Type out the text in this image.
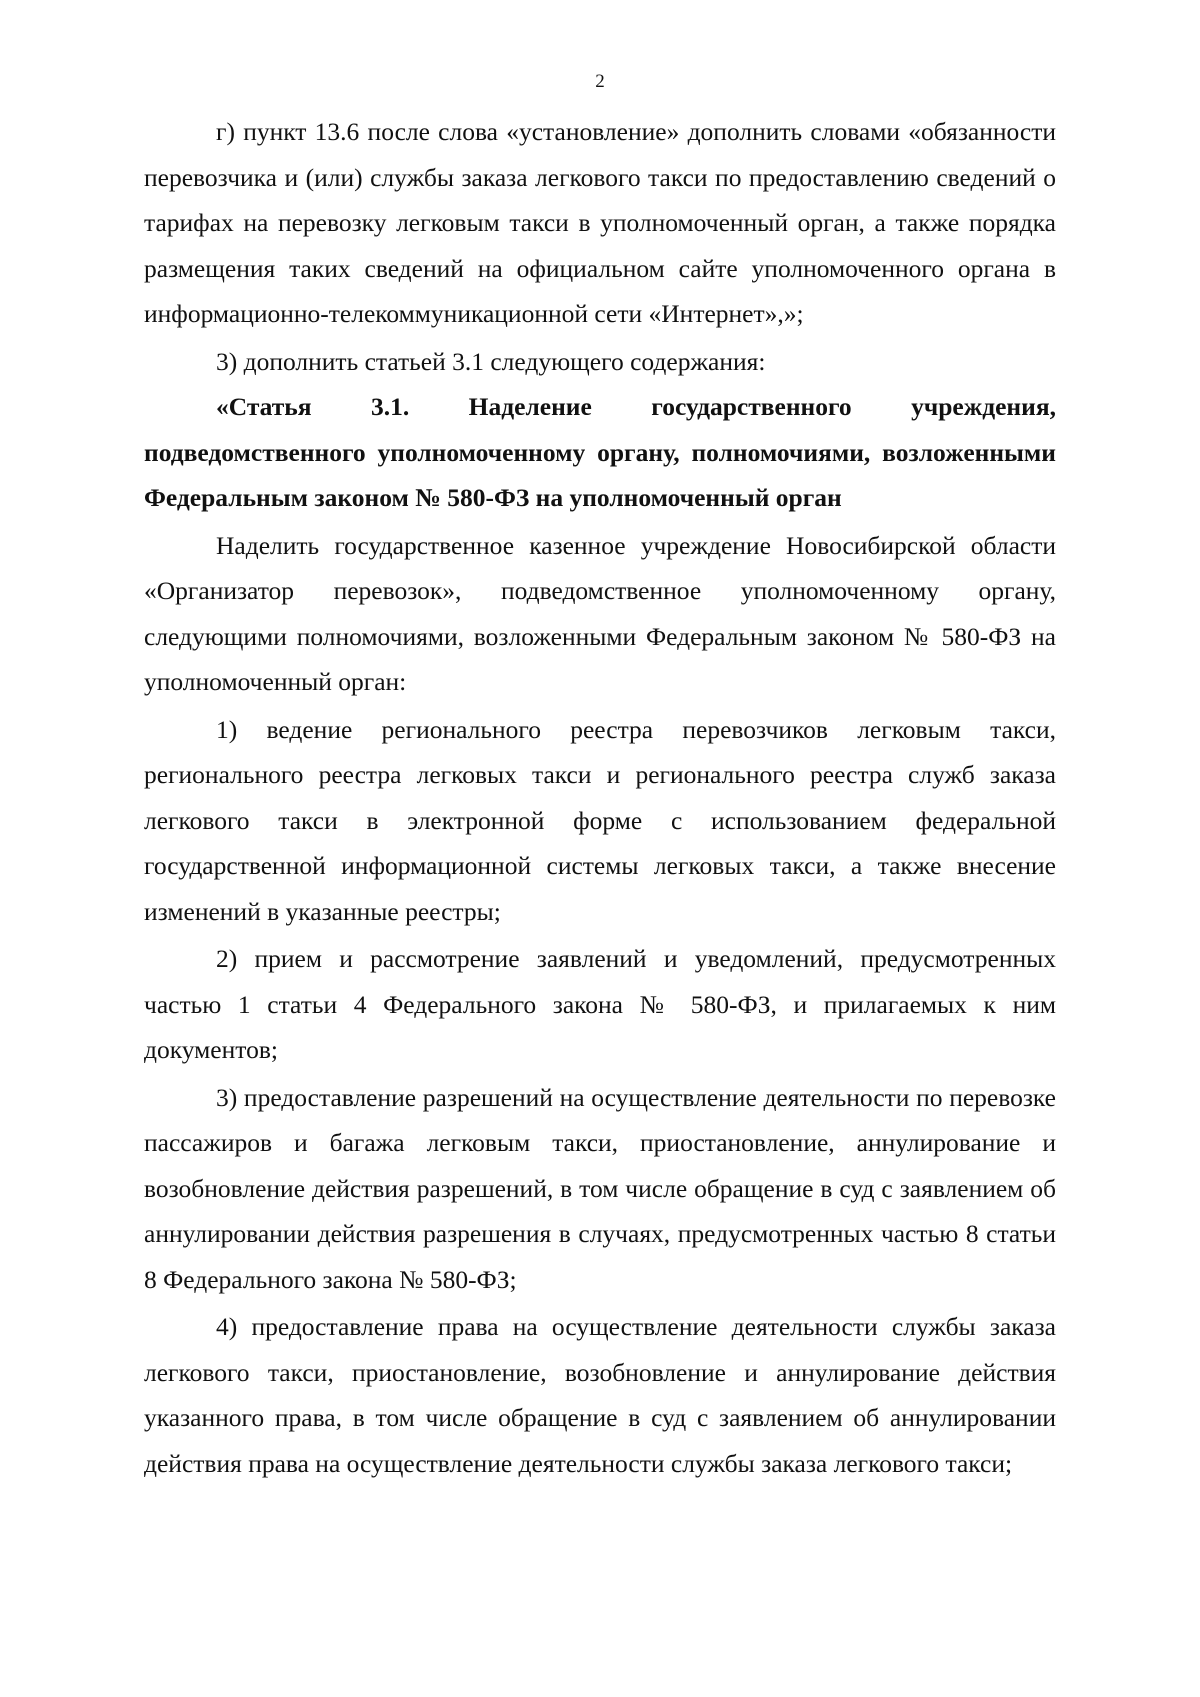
2

г) пункт 13.6 после слова «установление» дополнить словами «обязанности перевозчика и (или) службы заказа легкового такси по предоставлению сведений о тарифах на перевозку легковым такси в уполномоченный орган, а также порядка размещения таких сведений на официальном сайте уполномоченного органа в информационно-телекоммуникационной сети «Интернет»,»;

3) дополнить статьей 3.1 следующего содержания:

«Статья 3.1. Наделение государственного учреждения, подведомственного уполномоченному органу, полномочиями, возложенными Федеральным законом № 580-ФЗ на уполномоченный орган

Наделить государственное казенное учреждение Новосибирской области «Организатор перевозок», подведомственное уполномоченному органу, следующими полномочиями, возложенными Федеральным законом № 580-ФЗ на уполномоченный орган:

1) ведение регионального реестра перевозчиков легковым такси, регионального реестра легковых такси и регионального реестра служб заказа легкового такси в электронной форме с использованием федеральной государственной информационной системы легковых такси, а также внесение изменений в указанные реестры;

2) прием и рассмотрение заявлений и уведомлений, предусмотренных частью 1 статьи 4 Федерального закона № 580-ФЗ, и прилагаемых к ним документов;

3) предоставление разрешений на осуществление деятельности по перевозке пассажиров и багажа легковым такси, приостановление, аннулирование и возобновление действия разрешений, в том числе обращение в суд с заявлением об аннулировании действия разрешения в случаях, предусмотренных частью 8 статьи 8 Федерального закона № 580-ФЗ;

4) предоставление права на осуществление деятельности службы заказа легкового такси, приостановление, возобновление и аннулирование действия указанного права, в том числе обращение в суд с заявлением об аннулировании действия права на осуществление деятельности службы заказа легкового такси;
